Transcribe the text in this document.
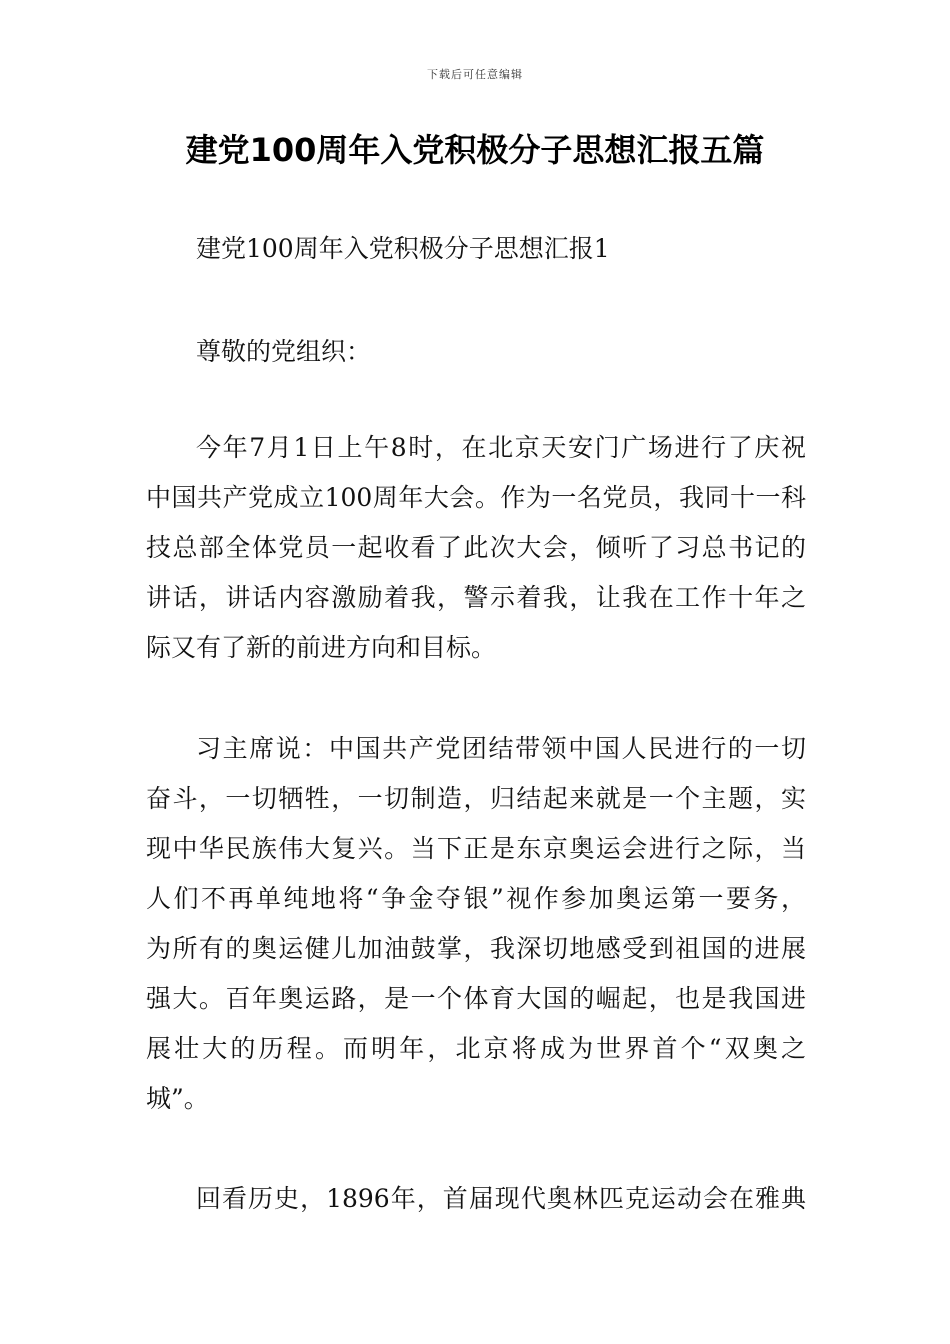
下载后可任意编辑
建党100周年入党积极分子思想汇报五篇

建党100周年入党积极分子思想汇报1

尊敬的党组织：

今年7月1日上午8时，在北京天安门广场进行了庆祝

中国共产党成立100周年大会。作为一名党员，我同十一科

技总部全体党员一起收看了此次大会，倾听了习总书记的

讲话，讲话内容激励着我，警示着我，让我在工作十年之

际又有了新的前进方向和目标。

习主席说：中国共产党团结带领中国人民进行的一切

奋斗，一切牺牲，一切制造，归结起来就是一个主题，实

现中华民族伟大复兴。当下正是东京奥运会进行之际，当

人们不再单纯地将“争金夺银”视作参加奥运第一要务，

为所有的奥运健儿加油鼓掌，我深切地感受到祖国的进展

强大。百年奥运路，是一个体育大国的崛起，也是我国进

展壮大的历程。而明年，北京将成为世界首个“双奥之

城”。

回看历史，1896年，首届现代奥林匹克运动会在雅典
